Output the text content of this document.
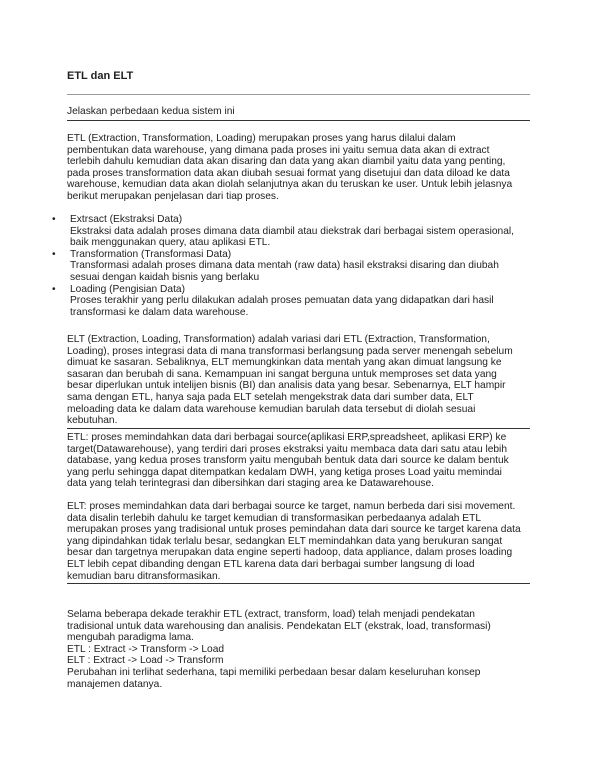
ETL dan ELT
Jelaskan perbedaan kedua sistem ini
ETL (Extraction, Transformation, Loading) merupakan proses yang harus dilalui dalam
pembentukan data warehouse, yang dimana pada proses ini yaitu semua data akan di extract
terlebih dahulu kemudian data akan disaring dan data yang akan diambil yaitu data yang penting,
pada proses transformation data akan diubah sesuai format yang disetujui dan data diload ke data
warehouse, kemudian data akan diolah selanjutnya akan du teruskan ke user. Untuk lebih jelasnya
berikut merupakan penjelasan dari tiap proses.
• Extrsact (Ekstraksi Data)
Ekstraksi data adalah proses dimana data diambil atau diekstrak dari berbagai sistem operasional,
baik menggunakan query, atau aplikasi ETL.
• Transformation (Transformasi Data)
Transformasi adalah proses dimana data mentah (raw data) hasil ekstraksi disaring dan diubah
sesuai dengan kaidah bisnis yang berlaku
• Loading (Pengisian Data)
Proses terakhir yang perlu dilakukan adalah proses pemuatan data yang didapatkan dari hasil
transformasi ke dalam data warehouse.
ELT (Extraction, Loading, Transformation) adalah variasi dari ETL (Extraction, Transformation,
Loading), proses integrasi data di mana transformasi berlangsung pada server menengah sebelum
dimuat ke sasaran. Sebaliknya, ELT memungkinkan data mentah yang akan dimuat langsung ke
sasaran dan berubah di sana. Kemampuan ini sangat berguna untuk memproses set data yang
besar diperlukan untuk intelijen bisnis (BI) dan analisis data yang besar. Sebenarnya, ELT hampir
sama dengan ETL, hanya saja pada ELT setelah mengekstrak data dari sumber data, ELT
meloading data ke dalam data warehouse kemudian barulah data tersebut di diolah sesuai
kebutuhan.
ETL: proses memindahkan data dari berbagai source(aplikasi ERP,spreadsheet, aplikasi ERP) ke
target(Datawarehouse), yang terdiri dari proses ekstraksi yaitu membaca data dari satu atau lebih
database, yang kedua proses transform yaitu mengubah bentuk data dari source ke dalam bentuk
yang perlu sehingga dapat ditempatkan kedalam DWH, yang ketiga proses Load yaitu memindai
data yang telah terintegrasi dan dibersihkan dari staging area ke Datawarehouse.
ELT: proses memindahkan data dari berbagai source ke target, namun berbeda dari sisi movement.
data disalin terlebih dahulu ke target kemudian di transformasikan perbedaanya adalah ETL
merupakan proses yang tradisional untuk proses pemindahan data dari source ke target karena data
yang dipindahkan tidak terlalu besar, sedangkan ELT memindahkan data yang berukuran sangat
besar dan targetnya merupakan data engine seperti hadoop, data appliance, dalam proses loading
ELT lebih cepat dibanding dengan ETL karena data dari berbagai sumber langsung di load
kemudian baru ditransformasikan.
Selama beberapa dekade terakhir ETL (extract, transform, load) telah menjadi pendekatan
tradisional untuk data warehousing dan analisis. Pendekatan ELT (ekstrak, load, transformasi)
mengubah paradigma lama.
ETL : Extract -> Transform -> Load
ELT : Extract -> Load -> Transform
Perubahan ini terlihat sederhana, tapi memiliki perbedaan besar dalam keseluruhan konsep
manajemen datanya.
